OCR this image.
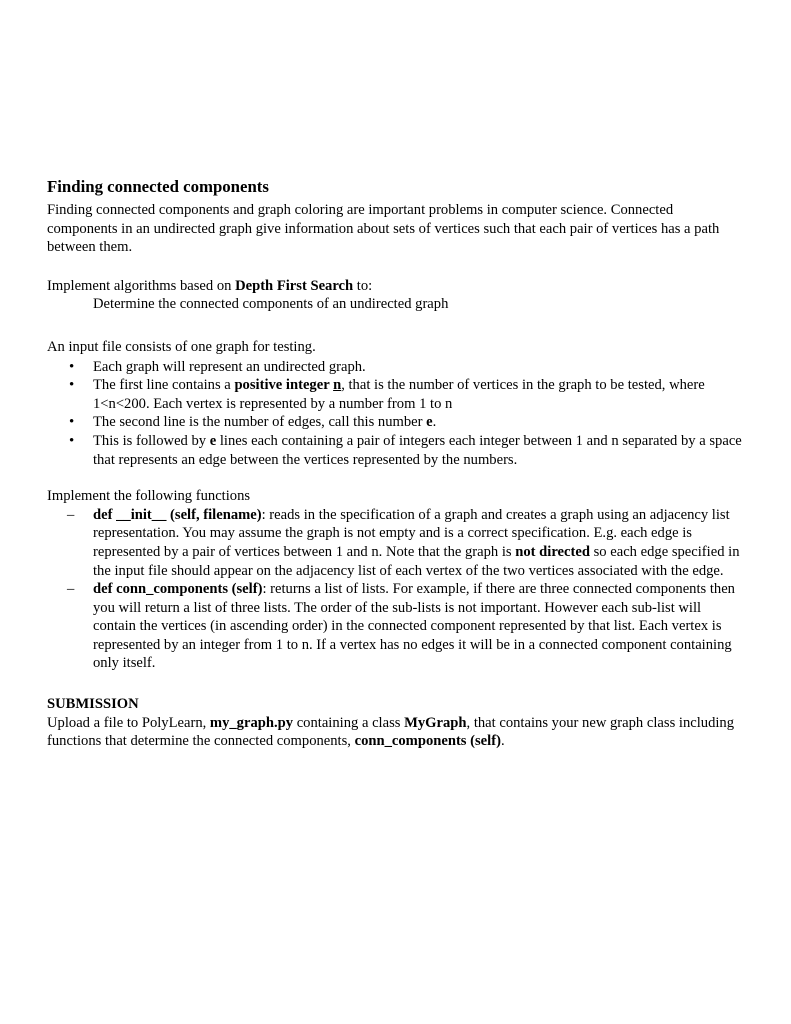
Finding connected components

Finding connected components and graph coloring are important problems in computer science. Connected components in an undirected graph give information about sets of vertices such that each pair of vertices has a path between them.

Implement algorithms based on Depth First Search to:

Determine the connected components of an undirected graph

An input file consists of one graph for testing.

• Each graph will represent an undirected graph.
• The first line contains a positive integer n, that is the number of vertices in the graph to be tested, where 1<n<200. Each vertex is represented by a number from 1 to n
• The second line is the number of edges, call this number e.
• This is followed by e lines each containing a pair of integers each integer between 1 and n separated by a space that represents an edge between the vertices represented by the numbers.

Implement the following functions

– def __init__ (self, filename): reads in the specification of a graph and creates a graph using an adjacency list representation. You may assume the graph is not empty and is a correct specification. E.g. each edge is represented by a pair of vertices between 1 and n. Note that the graph is not directed so each edge specified in the input file should appear on the adjacency list of each vertex of the two vertices associated with the edge.
– def conn_components (self): returns a list of lists. For example, if there are three connected components then you will return a list of three lists. The order of the sub-lists is not important. However each sub-list will contain the vertices (in ascending order) in the connected component represented by that list. Each vertex is represented by an integer from 1 to n. If a vertex has no edges it will be in a connected component containing only itself.

SUBMISSION

Upload a file to PolyLearn, my_graph.py containing a class MyGraph, that contains your new graph class including functions that determine the connected components, conn_components (self).
